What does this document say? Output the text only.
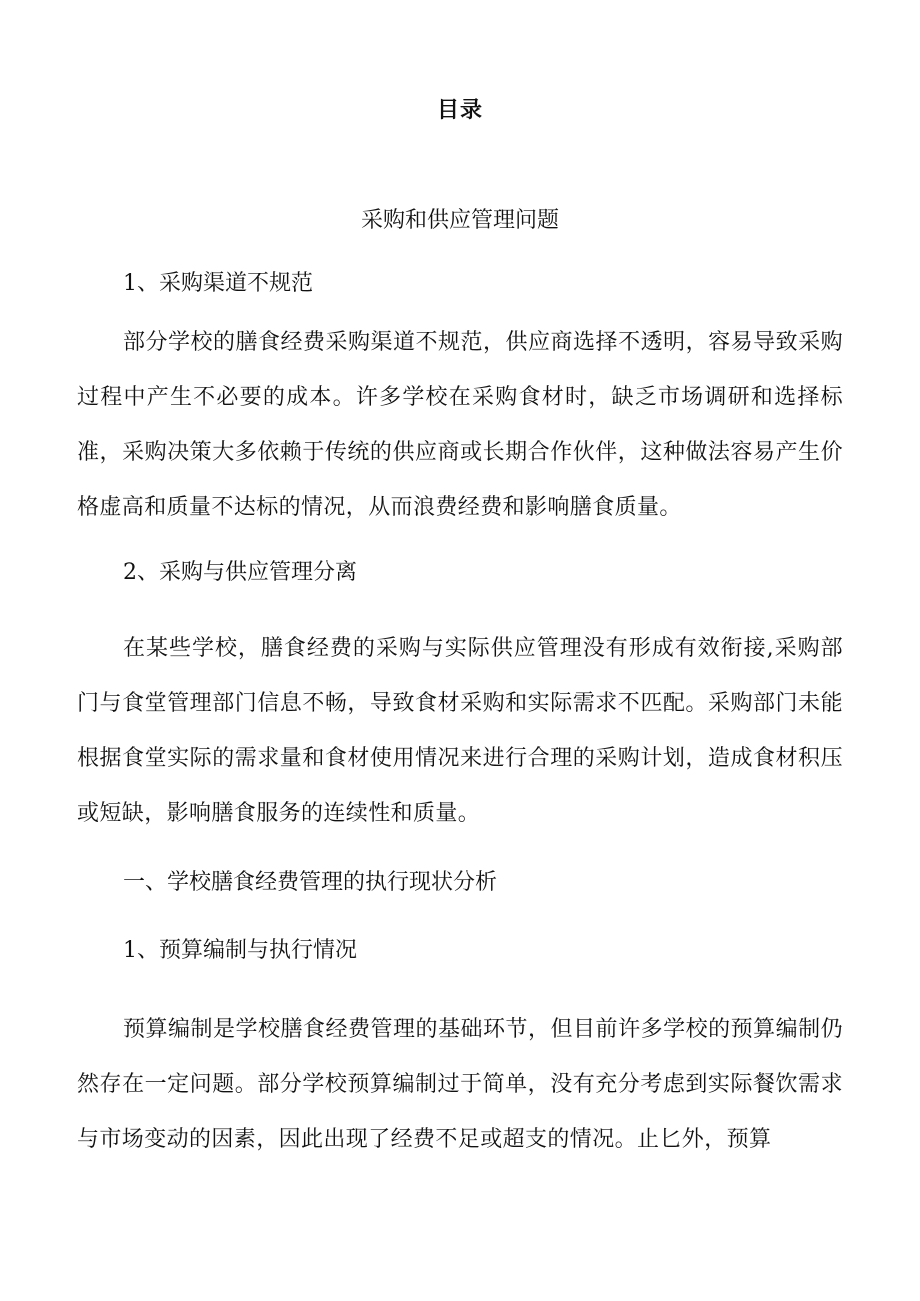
目录
采购和供应管理问题
1、采购渠道不规范
部分学校的膳食经费采购渠道不规范，供应商选择不透明，容易导致采购过程中产生不必要的成本。许多学校在采购食材时，缺乏市场调研和选择标准，采购决策大多依赖于传统的供应商或长期合作伙伴，这种做法容易产生价格虚高和质量不达标的情况，从而浪费经费和影响膳食质量。
2、采购与供应管理分离
在某些学校，膳食经费的采购与实际供应管理没有形成有效衔接,采购部门与食堂管理部门信息不畅，导致食材采购和实际需求不匹配。采购部门未能根据食堂实际的需求量和食材使用情况来进行合理的采购计划，造成食材积压或短缺，影响膳食服务的连续性和质量。
一、学校膳食经费管理的执行现状分析
1、预算编制与执行情况
预算编制是学校膳食经费管理的基础环节，但目前许多学校的预算编制仍然存在一定问题。部分学校预算编制过于简单，没有充分考虑到实际餐饮需求与市场变动的因素，因此出现了经费不足或超支的情况。止匕外，预算
